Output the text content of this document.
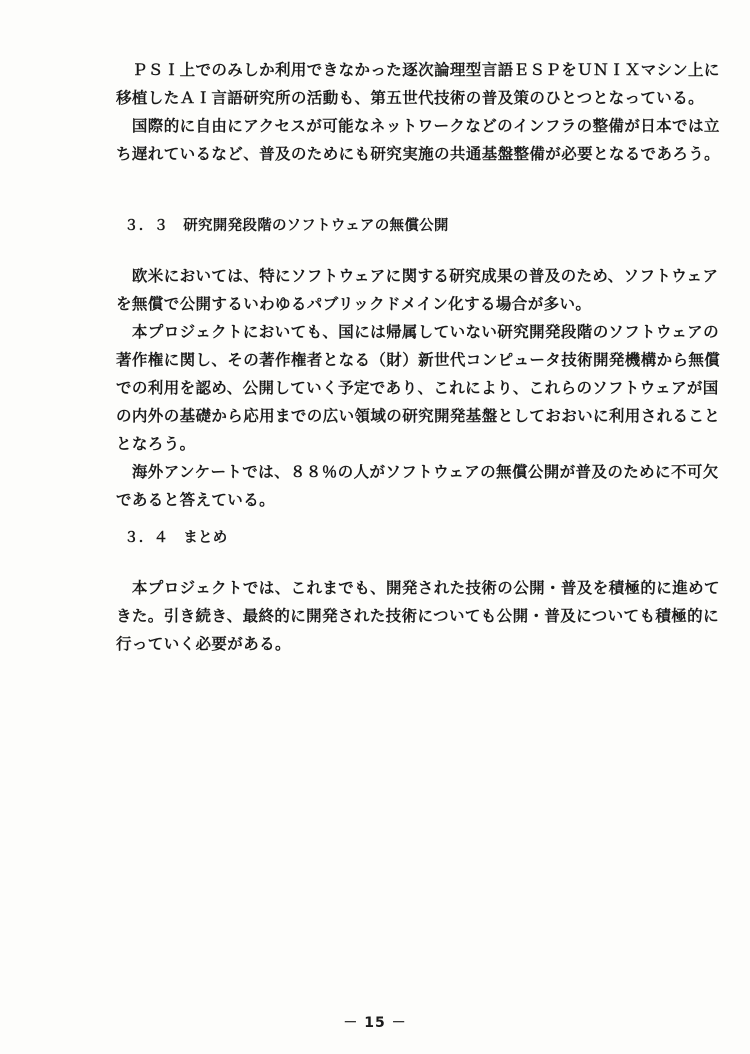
　ＰＳＩ上でのみしか利用できなかった逐次論理型言語ＥＳＰをＵＮＩＸマシン上に
移植したＡＩ言語研究所の活動も、第五世代技術の普及策のひとつとなっている。
　国際的に自由にアクセスが可能なネットワークなどのインフラの整備が日本では立
ち遅れているなど、普及のためにも研究実施の共通基盤整備が必要となるであろう。
３．３　研究開発段階のソフトウェアの無償公開
　欧米においては、特にソフトウェアに関する研究成果の普及のため、ソフトウェア
を無償で公開するいわゆるパブリックドメイン化する場合が多い。
　本プロジェクトにおいても、国には帰属していない研究開発段階のソフトウェアの
著作権に関し、その著作権者となる（財）新世代コンピュータ技術開発機構から無償
での利用を認め、公開していく予定であり、これにより、これらのソフトウェアが国
の内外の基礎から応用までの広い領域の研究開発基盤としておおいに利用されること
となろう。
　海外アンケートでは、８８％の人がソフトウェアの無償公開が普及のために不可欠
であると答えている。
３．４　まとめ
　本プロジェクトでは、これまでも、開発された技術の公開・普及を積極的に進めて
きた。引き続き、最終的に開発された技術についても公開・普及についても積極的に
行っていく必要がある。
－ 15 －
